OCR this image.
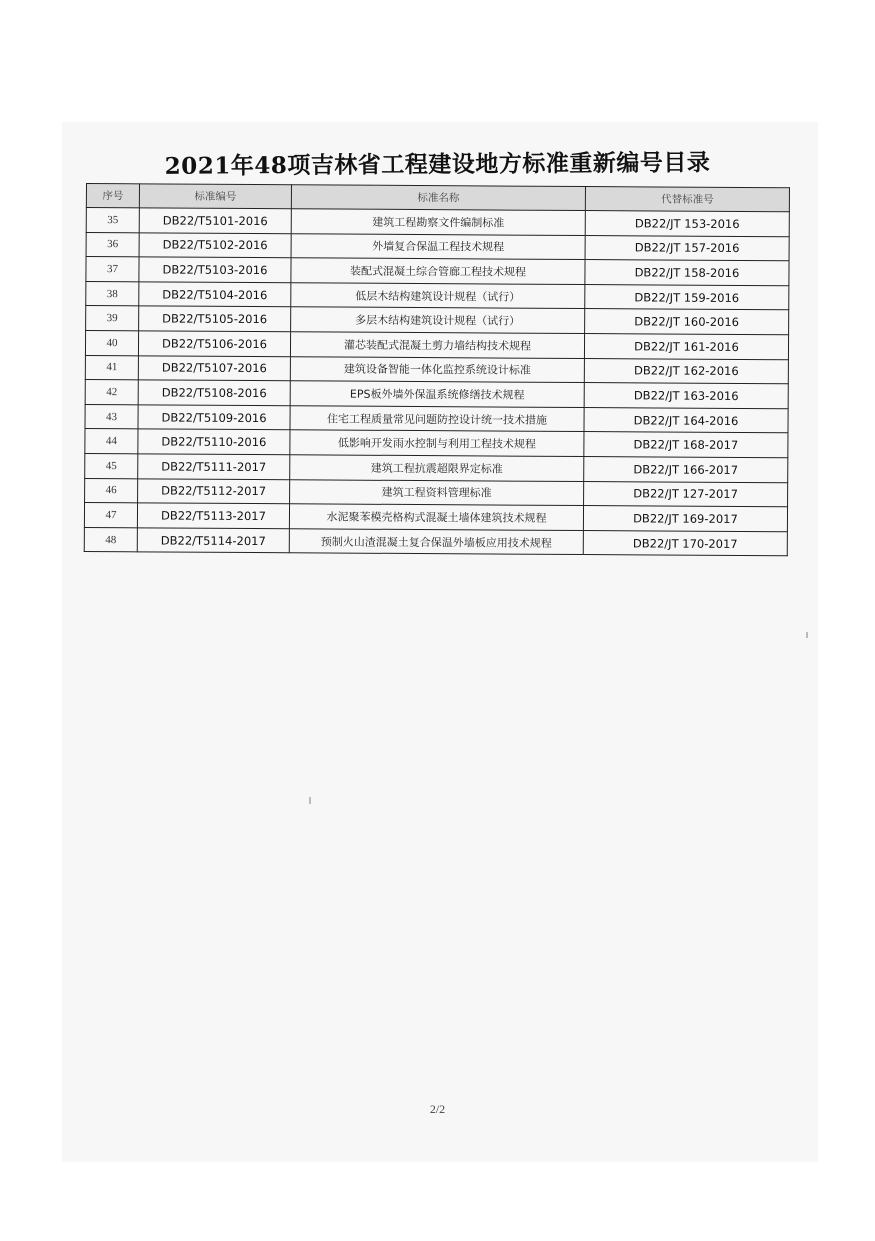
2021年48项吉林省工程建设地方标准重新编号目录
序号	标准编号	标准名称	代替标准号
35	DB22/T5101-2016	建筑工程勘察文件编制标准	DB22/JT 153-2016
36	DB22/T5102-2016	外墙复合保温工程技术规程	DB22/JT 157-2016
37	DB22/T5103-2016	装配式混凝土综合管廊工程技术规程	DB22/JT 158-2016
38	DB22/T5104-2016	低层木结构建筑设计规程（试行）	DB22/JT 159-2016
39	DB22/T5105-2016	多层木结构建筑设计规程（试行）	DB22/JT 160-2016
40	DB22/T5106-2016	灌芯装配式混凝土剪力墙结构技术规程	DB22/JT 161-2016
41	DB22/T5107-2016	建筑设备智能一体化监控系统设计标准	DB22/JT 162-2016
42	DB22/T5108-2016	EPS板外墙外保温系统修缮技术规程	DB22/JT 163-2016
43	DB22/T5109-2016	住宅工程质量常见问题防控设计统一技术措施	DB22/JT 164-2016
44	DB22/T5110-2016	低影响开发雨水控制与利用工程技术规程	DB22/JT 168-2017
45	DB22/T5111-2017	建筑工程抗震超限界定标准	DB22/JT 166-2017
46	DB22/T5112-2017	建筑工程资料管理标准	DB22/JT 127-2017
47	DB22/T5113-2017	水泥聚苯模壳格构式混凝土墙体建筑技术规程	DB22/JT 169-2017
48	DB22/T5114-2017	预制火山渣混凝土复合保温外墙板应用技术规程	DB22/JT 170-2017
2/2
